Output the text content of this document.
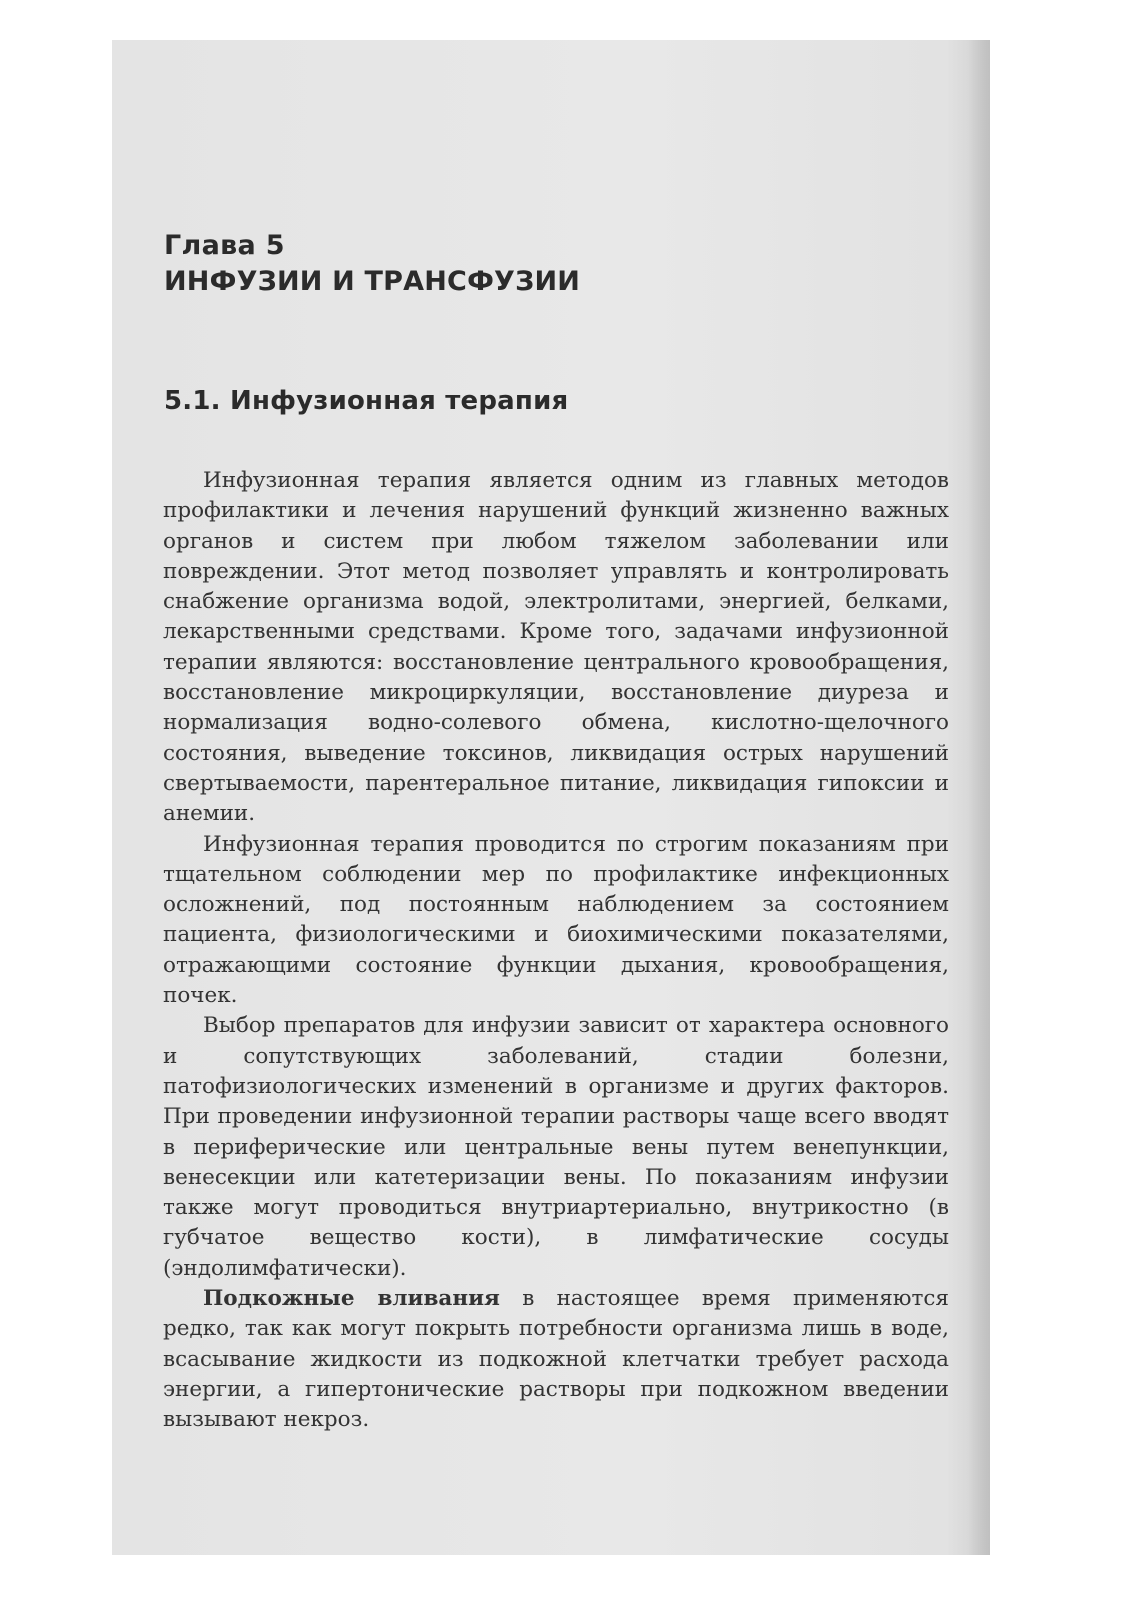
Глава 5
ИНФУЗИИ И ТРАНСФУЗИИ
5.1. Инфузионная терапия

Инфузионная терапия является одним из главных методов профилактики и лечения нарушений функций жизненно важных органов и систем при любом тяжелом заболевании или повреждении. Этот метод позволяет управлять и контролировать снабжение организма водой, электролитами, энергией, белками, лекарственными средствами. Кроме того, задачами инфузионной терапии являются: восстановление центрального кровообращения, восстановление микроциркуляции, восстановление диуреза и нормализация водно-солевого обмена, кислотно-щелочного состояния, выведение токсинов, ликвидация острых нарушений свертываемости, парентеральное питание, ликвидация гипоксии и анемии.

Инфузионная терапия проводится по строгим показаниям при тщательном соблюдении мер по профилактике инфекционных осложнений, под постоянным наблюдением за состоянием пациента, физиологическими и биохимическими показателями, отражающими состояние функции дыхания, кровообращения, почек.

Выбор препаратов для инфузии зависит от характера основного и сопутствующих заболеваний, стадии болезни, патофизиологических изменений в организме и других факторов. При проведении инфузионной терапии растворы чаще всего вводят в периферические или центральные вены путем венепункции, венесекции или катетеризации вены. По показаниям инфузии также могут проводиться внутриартериально, внутрикостно (в губчатое вещество кости), в лимфатические сосуды (эндолимфатически).

Подкожные вливания в настоящее время применяются редко, так как могут покрыть потребности организма лишь в воде, всасывание жидкости из подкожной клетчатки требует расхода энергии, а гипертонические растворы при подкожном введении вызывают некроз.
